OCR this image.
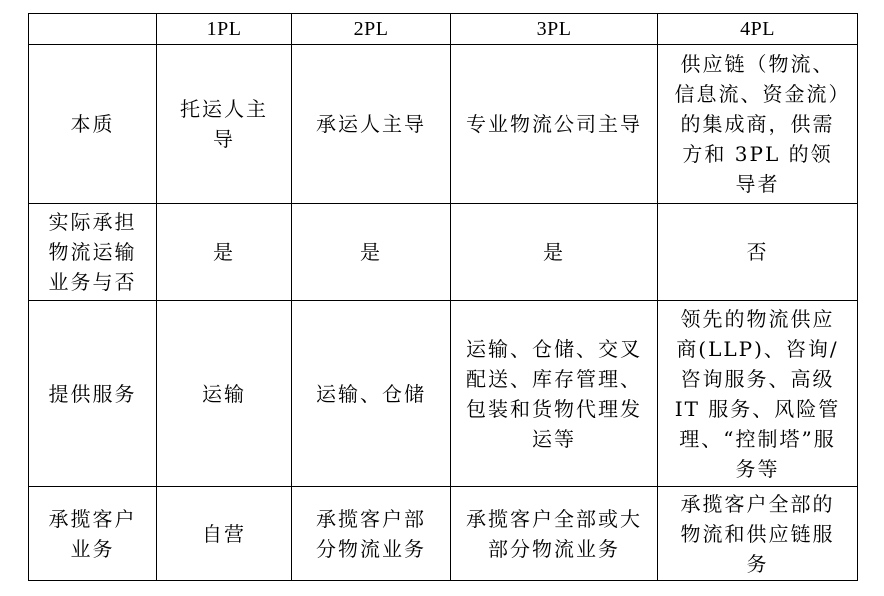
	1PL	2PL	3PL	4PL
本质	托运人主导	承运人主导	专业物流公司主导	供应链（物流、信息流、资金流）的集成商，供需方和 3PL 的领导者
实际承担物流运输业务与否	是	是	是	否
提供服务	运输	运输、仓储	运输、仓储、交叉配送、库存管理、包装和货物代理发运等	领先的物流供应商(LLP)、咨询/咨询服务、高级 IT 服务、风险管理、“控制塔”服务等
承揽客户业务	自营	承揽客户部分物流业务	承揽客户全部或大部分物流业务	承揽客户全部的物流和供应链服务
